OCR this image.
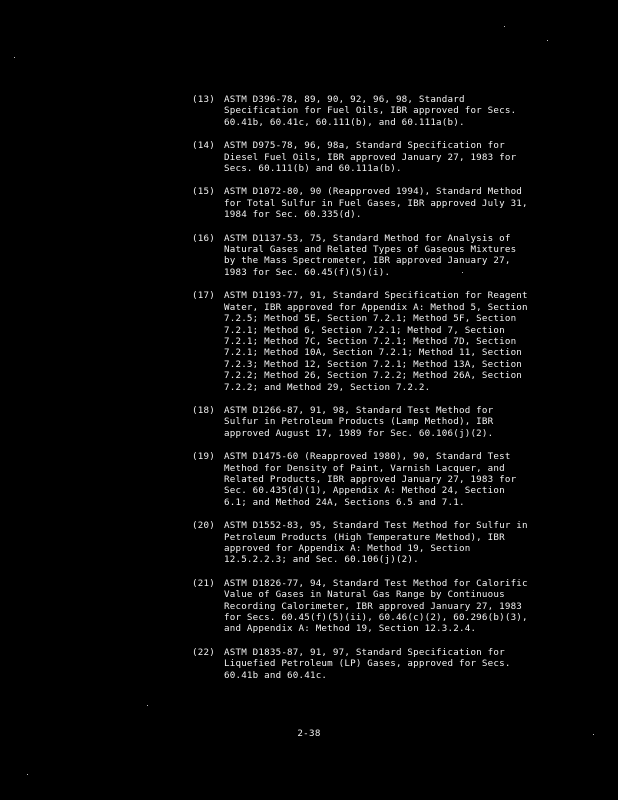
(13) ASTM D396-78, 89, 90, 92, 96, 98, Standard
Specification for Fuel Oils, IBR approved for Secs.
60.41b, 60.41c, 60.111(b), and 60.111a(b).
(14) ASTM D975-78, 96, 98a, Standard Specification for
Diesel Fuel Oils, IBR approved January 27, 1983 for
Secs. 60.111(b) and 60.111a(b).
(15) ASTM D1072-80, 90 (Reapproved 1994), Standard Method
for Total Sulfur in Fuel Gases, IBR approved July 31,
1984 for Sec. 60.335(d).
(16) ASTM D1137-53, 75, Standard Method for Analysis of
Natural Gases and Related Types of Gaseous Mixtures
by the Mass Spectrometer, IBR approved January 27,
1983 for Sec. 60.45(f)(5)(i).
(17) ASTM D1193-77, 91, Standard Specification for Reagent
Water, IBR approved for Appendix A: Method 5, Section
7.2.5; Method 5E, Section 7.2.1; Method 5F, Section
7.2.1; Method 6, Section 7.2.1; Method 7, Section
7.2.1; Method 7C, Section 7.2.1; Method 7D, Section
7.2.1; Method 10A, Section 7.2.1; Method 11, Section
7.2.3; Method 12, Section 7.2.1; Method 13A, Section
7.2.2; Method 26, Section 7.2.2; Method 26A, Section
7.2.2; and Method 29, Section 7.2.2.
(18) ASTM D1266-87, 91, 98, Standard Test Method for
Sulfur in Petroleum Products (Lamp Method), IBR
approved August 17, 1989 for Sec. 60.106(j)(2).
(19) ASTM D1475-60 (Reapproved 1980), 90, Standard Test
Method for Density of Paint, Varnish Lacquer, and
Related Products, IBR approved January 27, 1983 for
Sec. 60.435(d)(1), Appendix A: Method 24, Section
6.1; and Method 24A, Sections 6.5 and 7.1.
(20) ASTM D1552-83, 95, Standard Test Method for Sulfur in
Petroleum Products (High Temperature Method), IBR
approved for Appendix A: Method 19, Section
12.5.2.2.3; and Sec. 60.106(j)(2).
(21) ASTM D1826-77, 94, Standard Test Method for Calorific
Value of Gases in Natural Gas Range by Continuous
Recording Calorimeter, IBR approved January 27, 1983
for Secs. 60.45(f)(5)(ii), 60.46(c)(2), 60.296(b)(3),
and Appendix A: Method 19, Section 12.3.2.4.
(22) ASTM D1835-87, 91, 97, Standard Specification for
Liquefied Petroleum (LP) Gases, approved for Secs.
60.41b and 60.41c.
2-38
